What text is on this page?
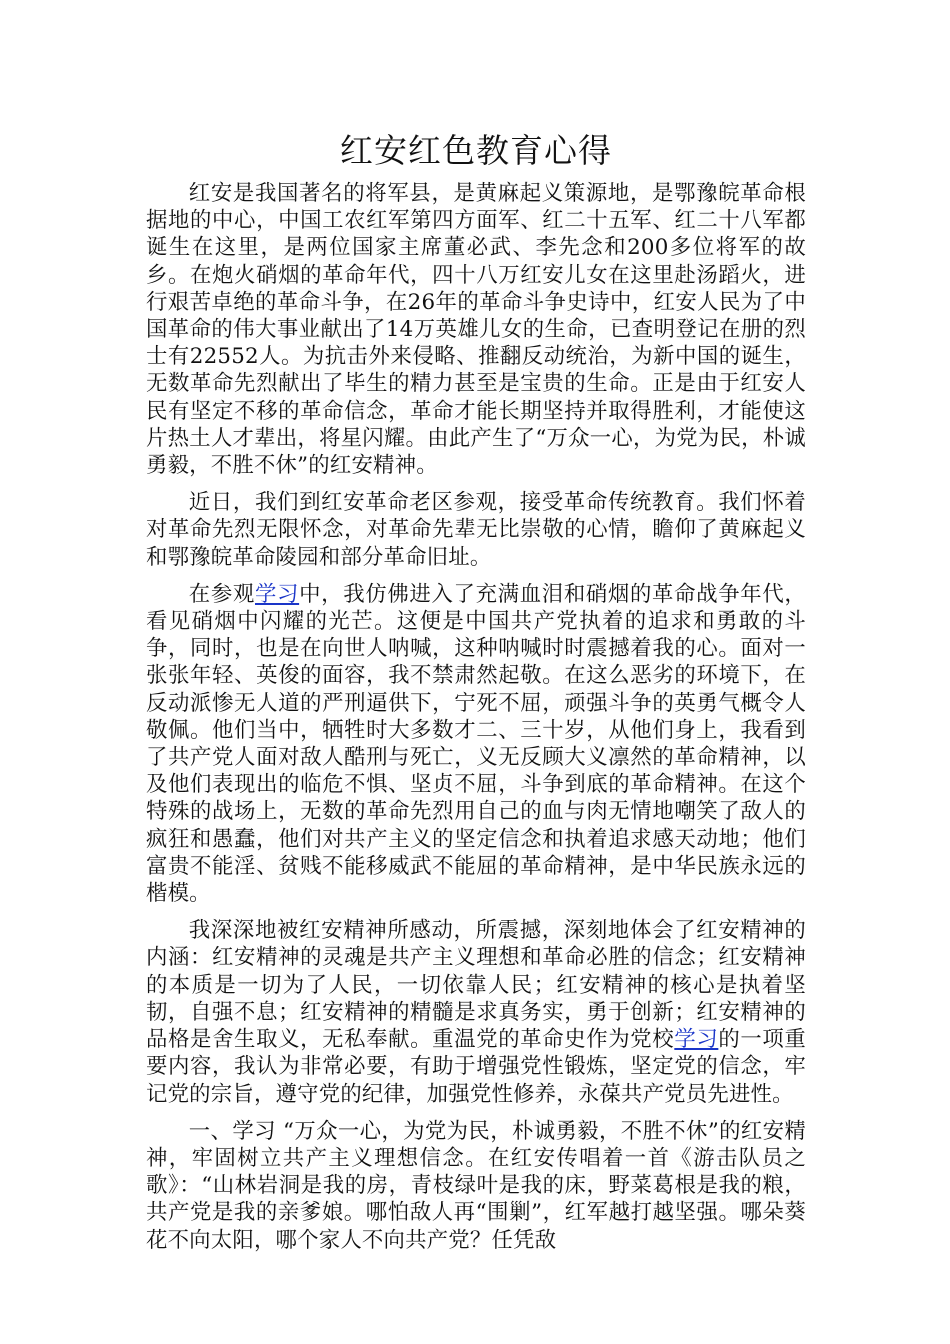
红安红色教育心得

红安是我国著名的将军县，是黄麻起义策源地，是鄂豫皖革命根据地的中心，中国工农红军第四方面军、红二十五军、红二十八军都诞生在这里，是两位国家主席董必武、李先念和200多位将军的故乡。在炮火硝烟的革命年代，四十八万红安儿女在这里赴汤蹈火，进行艰苦卓绝的革命斗争，在26年的革命斗争史诗中，红安人民为了中国革命的伟大事业献出了14万英雄儿女的生命，已查明登记在册的烈士有22552人。为抗击外来侵略、推翻反动统治，为新中国的诞生，无数革命先烈献出了毕生的精力甚至是宝贵的生命。正是由于红安人民有坚定不移的革命信念，革命才能长期坚持并取得胜利，才能使这片热土人才辈出，将星闪耀。由此产生了“万众一心，为党为民，朴诚勇毅，不胜不休”的红安精神。

近日，我们到红安革命老区参观，接受革命传统教育。我们怀着对革命先烈无限怀念，对革命先辈无比崇敬的心情，瞻仰了黄麻起义和鄂豫皖革命陵园和部分革命旧址。

在参观学习中，我仿佛进入了充满血泪和硝烟的革命战争年代，看见硝烟中闪耀的光芒。这便是中国共产党执着的追求和勇敢的斗争，同时，也是在向世人呐喊，这种呐喊时时震撼着我的心。面对一张张年轻、英俊的面容，我不禁肃然起敬。在这么恶劣的环境下，在反动派惨无人道的严刑逼供下，宁死不屈，顽强斗争的英勇气概令人敬佩。他们当中，牺牲时大多数才二、三十岁，从他们身上，我看到了共产党人面对敌人酷刑与死亡，义无反顾大义凛然的革命精神，以及他们表现出的临危不惧、坚贞不屈，斗争到底的革命精神。在这个特殊的战场上，无数的革命先烈用自己的血与肉无情地嘲笑了敌人的疯狂和愚蠢，他们对共产主义的坚定信念和执着追求感天动地；他们富贵不能淫、贫贱不能移威武不能屈的革命精神，是中华民族永远的楷模。

我深深地被红安精神所感动，所震撼，深刻地体会了红安精神的内涵：红安精神的灵魂是共产主义理想和革命必胜的信念；红安精神的本质是一切为了人民，一切依靠人民；红安精神的核心是执着坚韧，自强不息；红安精神的精髓是求真务实，勇于创新；红安精神的品格是舍生取义，无私奉献。重温党的革命史作为党校学习的一项重要内容，我认为非常必要，有助于增强党性锻炼，坚定党的信念，牢记党的宗旨，遵守党的纪律，加强党性修养，永葆共产党员先进性。

一、学习 “万众一心，为党为民，朴诚勇毅，不胜不休”的红安精神，牢固树立共产主义理想信念。在红安传唱着一首《游击队员之歌》：“山林岩洞是我的房，青枝绿叶是我的床，野菜葛根是我的粮，共产党是我的亲爹娘。哪怕敌人再“围剿”，红军越打越坚强。哪朵葵花不向太阳，哪个家人不向共产党？任凭敌
